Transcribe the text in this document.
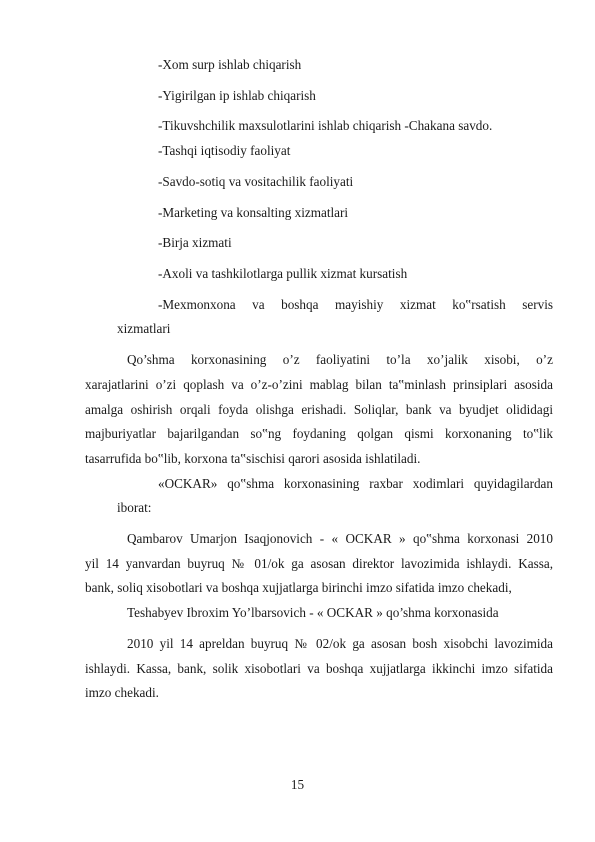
-Xom surp ishlab chiqarish
-Yigirilgan ip ishlab chiqarish
-Tikuvshchilik maxsulotlarini ishlab chiqarish -Chakana savdo.
-Tashqi iqtisodiy faoliyat
-Savdo-sotiq va vositachilik faoliyati
-Marketing va konsalting xizmatlari
-Birja xizmati
-Axoli va tashkilotlarga pullik xizmat kursatish
-Mexmonxona va boshqa mayishiy xizmat ko‟rsatish servis
xizmatlari
Qo’shma korxonasining o’z faoliyatini to’la xo’jalik xisobi, o’z
xarajatlarini o’zi qoplash va o’z-o’zini mablag bilan ta‟minlash prinsiplari asosida
amalga oshirish orqali foyda olishga erishadi. Soliqlar, bank va byudjet olididagi
majburiyatlar bajarilgandan so‟ng foydaning qolgan qismi korxonaning to‟lik
tasarrufida bo‟lib, korxona ta‟sischisi qarori asosida ishlatiladi.
«OCKAR» qo‟shma korxonasining raxbar xodimlari quyidagilardan
iborat:
Qambarov Umarjon Isaqjonovich - « OCKAR » qo‟shma korxonasi 2010
yil 14 yanvardan buyruq № 01/ok ga asosan direktor lavozimida ishlaydi. Kassa,
bank, soliq xisobotlari va boshqa xujjatlarga birinchi imzo sifatida imzo chekadi,
Teshabyev Ibroxim Yo’lbarsovich - « OCKAR » qo’shma korxonasida
2010 yil 14 apreldan buyruq № 02/ok ga asosan bosh xisobchi lavozimida
ishlaydi. Kassa, bank, solik xisobotlari va boshqa xujjatlarga ikkinchi imzo sifatida
imzo chekadi.
15
